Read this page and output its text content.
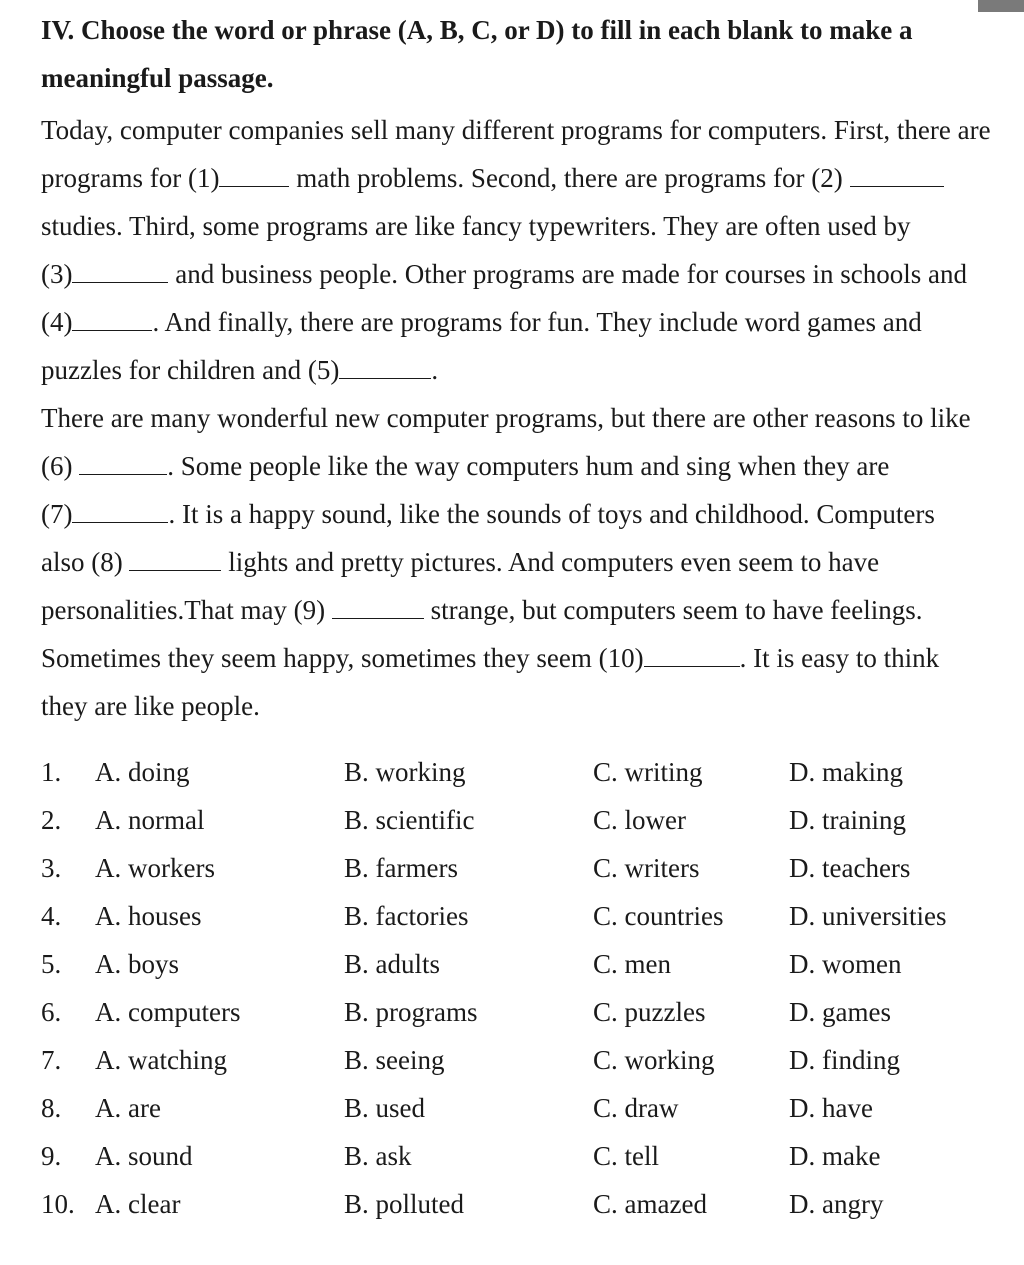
IV. Choose the word or phrase (A, B, C, or D) to fill in each blank to make a
meaningful passage.
Today, computer companies sell many different programs for computers. First, there are
programs for (1)	math problems. Second, there are programs for (2)
studies. Third, some programs are like fancy typewriters. They are often used by
(3)	and business people. Other programs are made for courses in schools and
(4)	. And finally, there are programs for fun. They include word games and
puzzles for children and (5)	.
There are many wonderful new computer programs, but there are other reasons to like
(6)	. Some people like the way computers hum and sing when they are
(7)	. It is a happy sound, like the sounds of toys and childhood. Computers
also (8)	lights and pretty pictures. And computers even seem to have
personalities.That may (9)	strange, but computers seem to have feelings.
Sometimes they seem happy, sometimes they seem (10)	. It is easy to think
they are like people.
1.	A. doing	B. working	C. writing	D. making
2.	A. normal	B. scientific	C. lower	D. training
3.	A. workers	B. farmers	C. writers	D. teachers
4.	A. houses	B. factories	C. countries	D. universities
5.	A. boys	B. adults	C. men	D. women
6.	A. computers	B. programs	C. puzzles	D. games
7.	A. watching	B. seeing	C. working	D. finding
8.	A. are	B. used	C. draw	D. have
9.	A. sound	B. ask	C. tell	D. make
10. A. clear	B. polluted	C. amazed	D. angry
